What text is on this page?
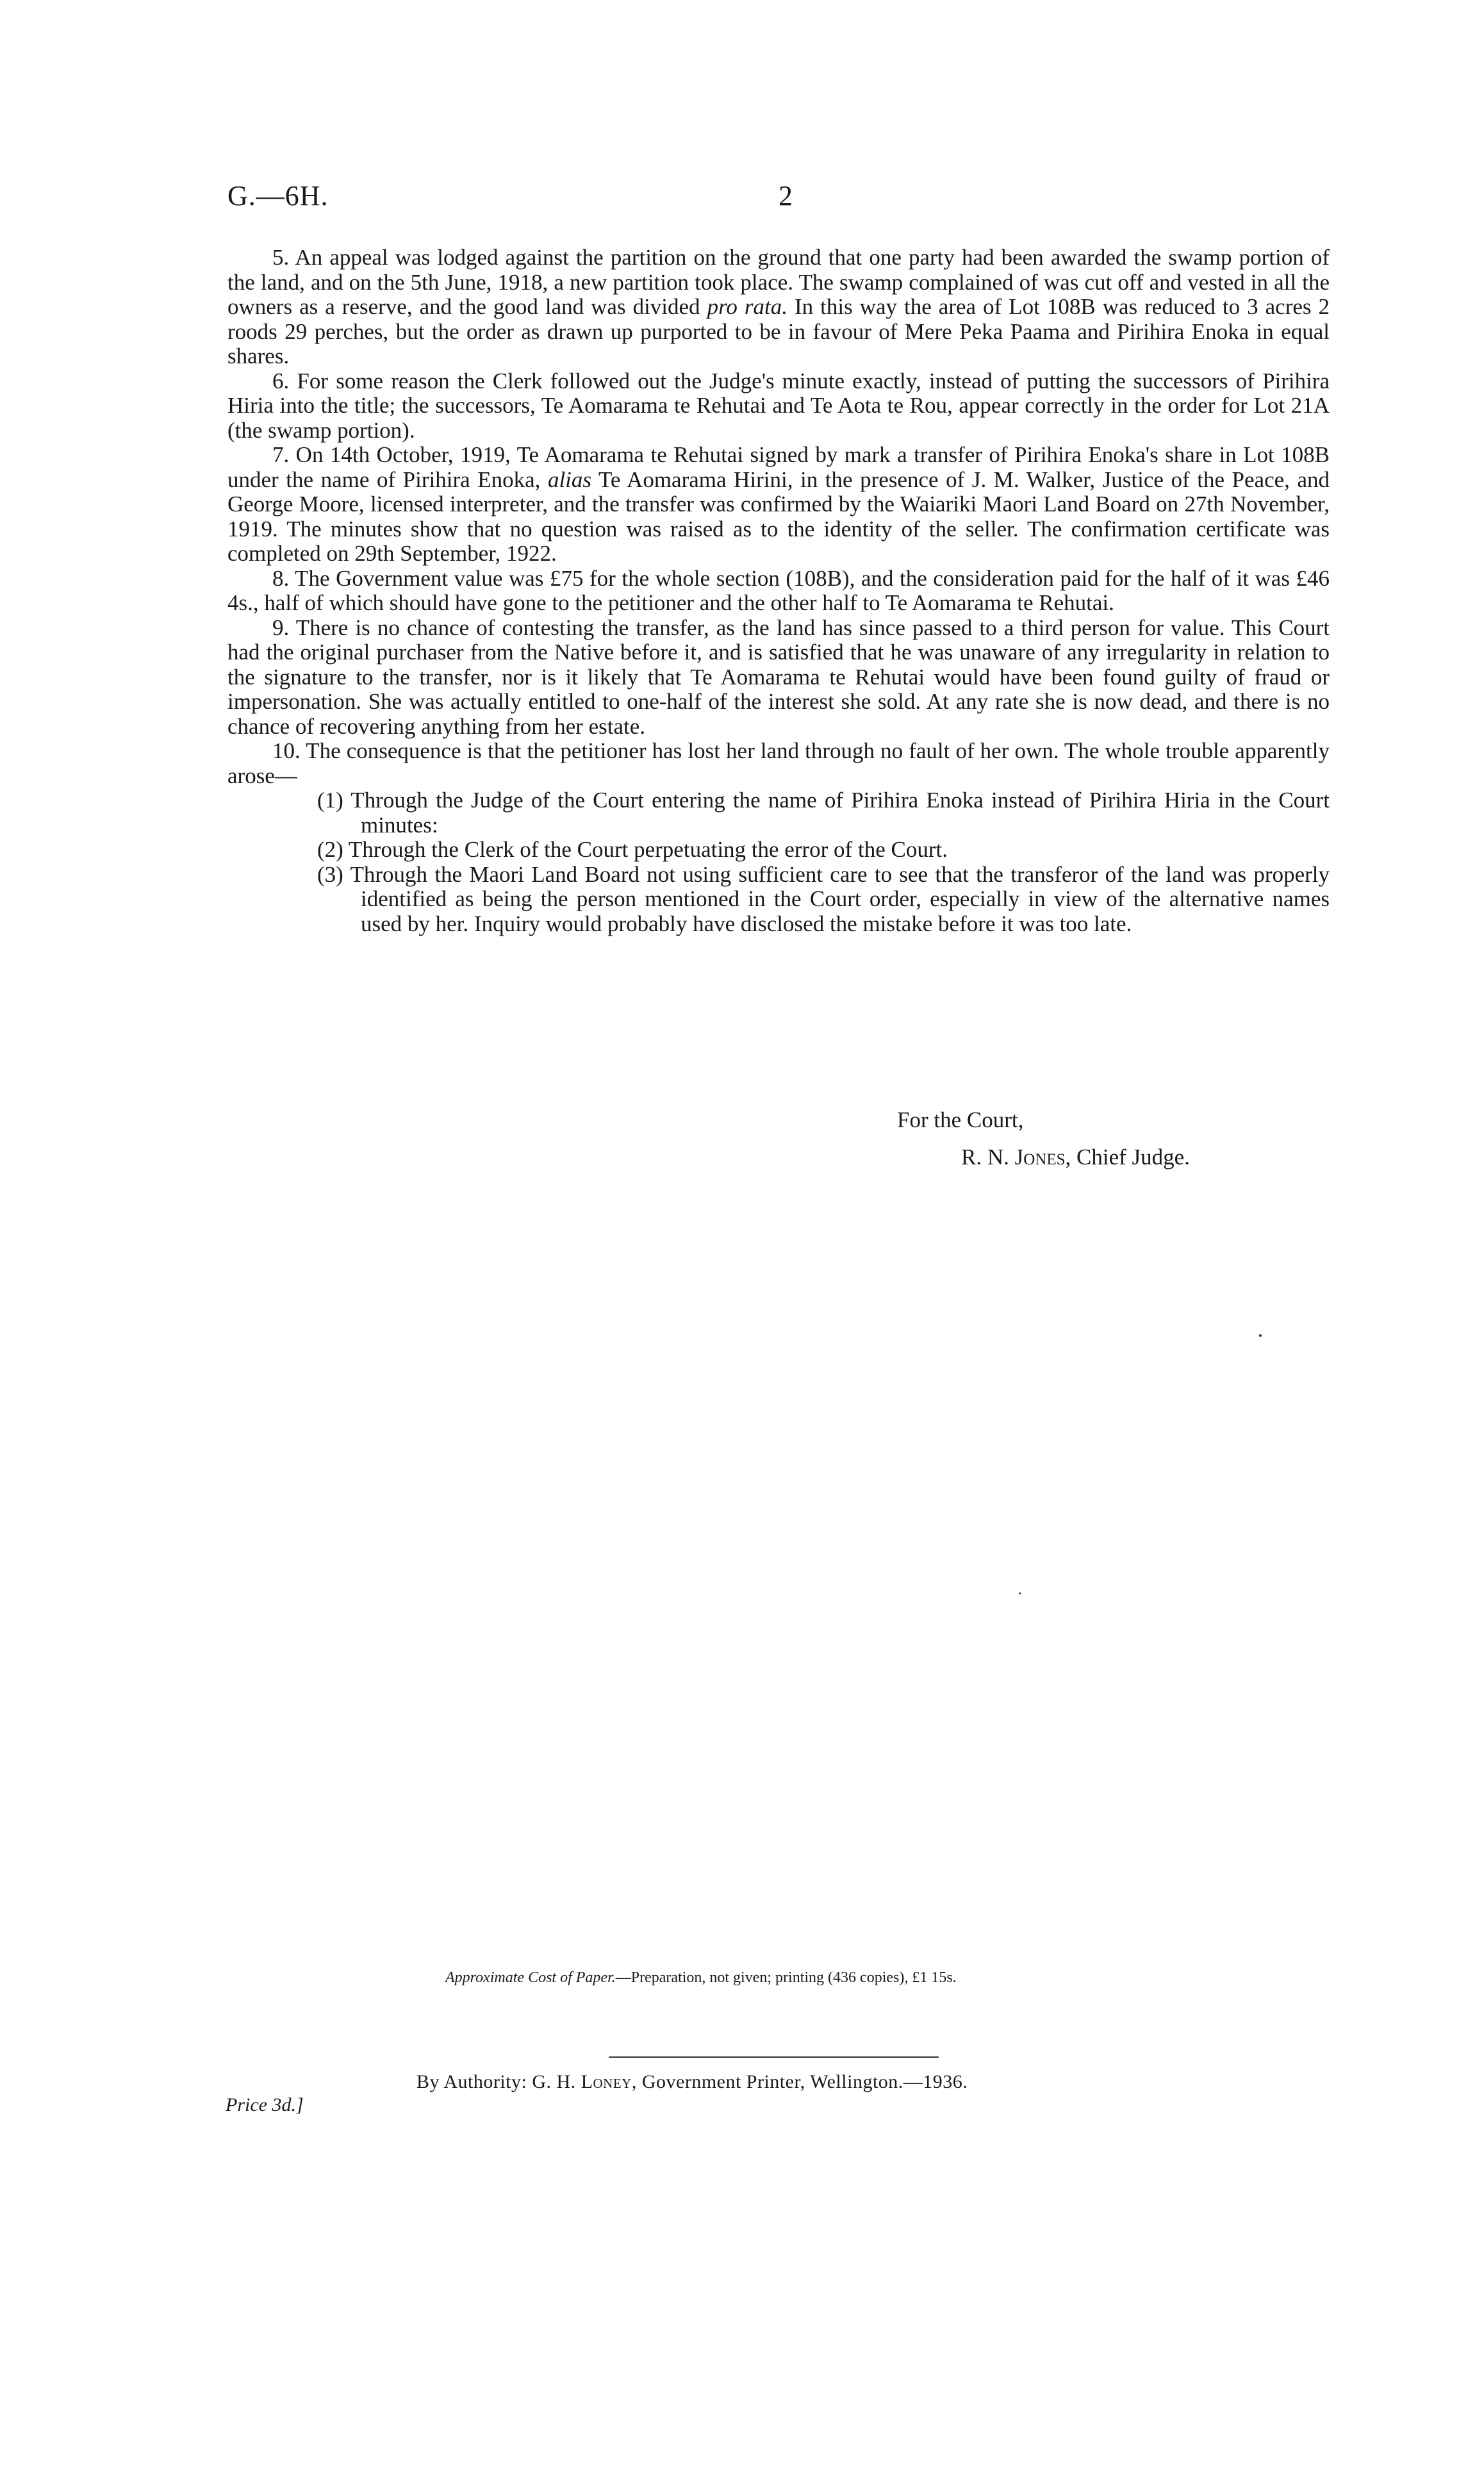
G.—6H.	2

5. An appeal was lodged against the partition on the ground that one party had been awarded the swamp portion of the land, and on the 5th June, 1918, a new partition took place. The swamp complained of was cut off and vested in all the owners as a reserve, and the good land was divided pro rata. In this way the area of Lot 108B was reduced to 3 acres 2 roods 29 perches, but the order as drawn up purported to be in favour of Mere Peka Paama and Pirihira Enoka in equal shares.

6. For some reason the Clerk followed out the Judge's minute exactly, instead of putting the successors of Pirihira Hiria into the title; the successors, Te Aomarama te Rehutai and Te Aota te Rou, appear correctly in the order for Lot 21A (the swamp portion).

7. On 14th October, 1919, Te Aomarama te Rehutai signed by mark a transfer of Pirihira Enoka's share in Lot 108B under the name of Pirihira Enoka, alias Te Aomarama Hirini, in the presence of J. M. Walker, Justice of the Peace, and George Moore, licensed interpreter, and the transfer was confirmed by the Waiariki Maori Land Board on 27th November, 1919. The minutes show that no question was raised as to the identity of the seller. The confirmation certificate was completed on 29th September, 1922.

8. The Government value was £75 for the whole section (108B), and the consideration paid for the half of it was £46 4s., half of which should have gone to the petitioner and the other half to Te Aomarama te Rehutai.

9. There is no chance of contesting the transfer, as the land has since passed to a third person for value. This Court had the original purchaser from the Native before it, and is satisfied that he was unaware of any irregularity in relation to the signature to the transfer, nor is it likely that Te Aomarama te Rehutai would have been found guilty of fraud or impersonation. She was actually entitled to one-half of the interest she sold. At any rate she is now dead, and there is no chance of recovering anything from her estate.

10. The consequence is that the petitioner has lost her land through no fault of her own. The whole trouble apparently arose—

(1) Through the Judge of the Court entering the name of Pirihira Enoka instead of Pirihira Hiria in the Court minutes:
(2) Through the Clerk of the Court perpetuating the error of the Court.
(3) Through the Maori Land Board not using sufficient care to see that the transferor of the land was properly identified as being the person mentioned in the Court order, especially in view of the alternative names used by her. Inquiry would probably have disclosed the mistake before it was too late.
For the Court,
R. N. Jones, Chief Judge.
Approximate Cost of Paper.—Preparation, not given; printing (436 copies), £1 15s.
By Authority: G. H. Loney, Government Printer, Wellington.—1936.
Price 3d.]
